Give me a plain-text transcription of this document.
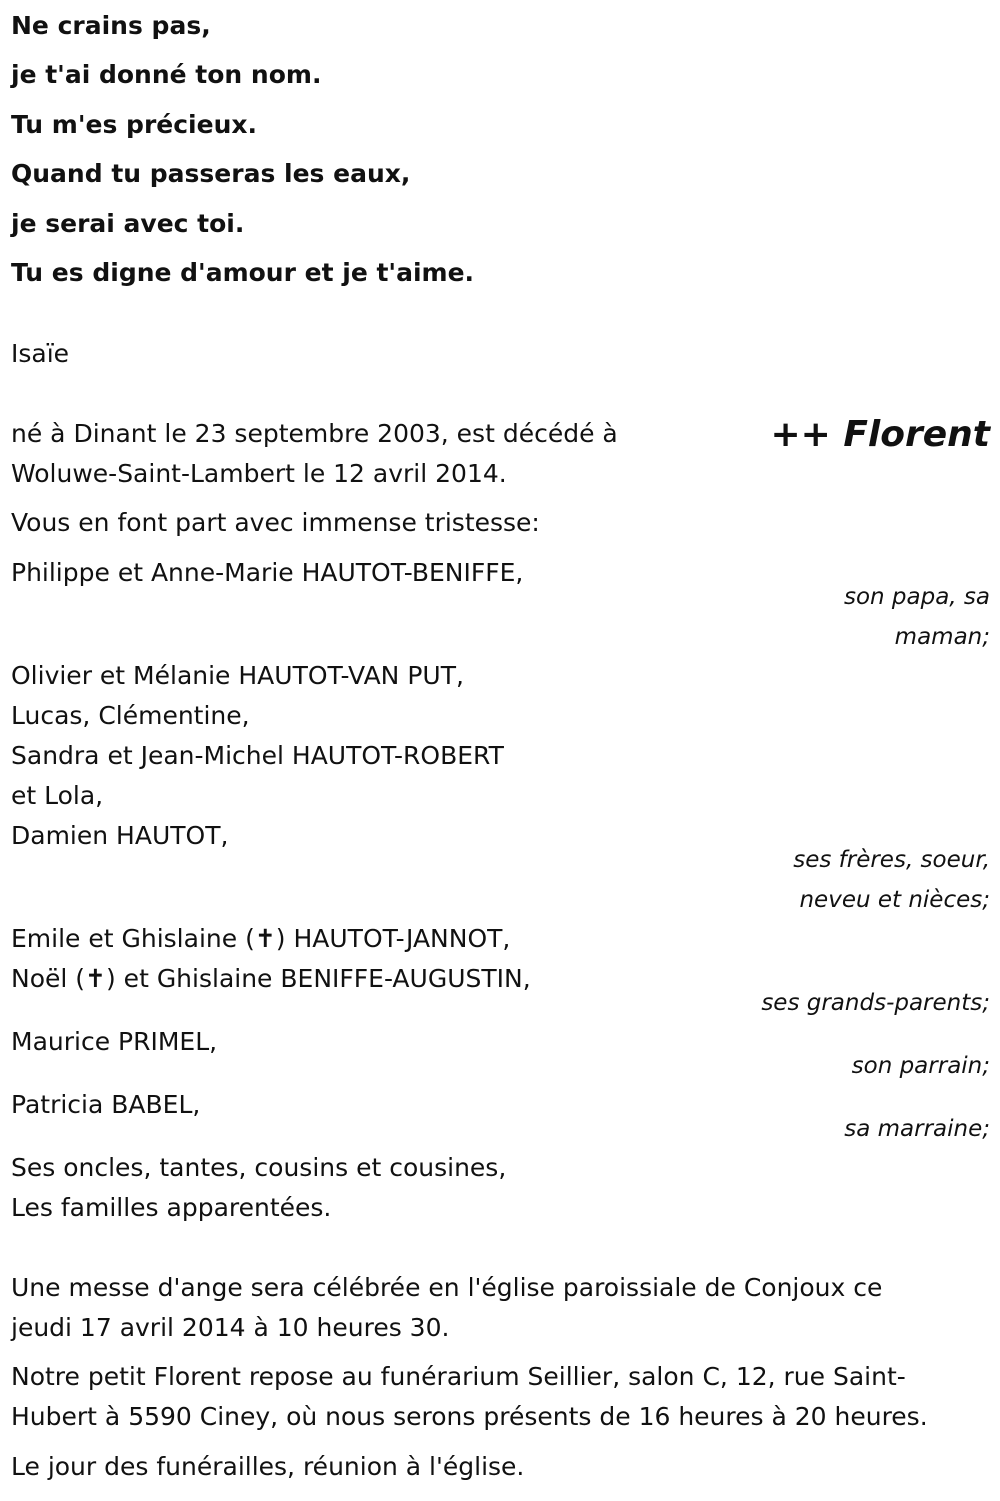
Ne crains pas,
je t'ai donné ton nom.
Tu m'es précieux.
Quand tu passeras les eaux,
je serai avec toi.
Tu es digne d'amour et je t'aime.
Isaïe
++ Florent
né à Dinant le 23 septembre 2003, est décédé à
Woluwe-Saint-Lambert le 12 avril 2014.
Vous en font part avec immense tristesse:
Philippe et Anne-Marie HAUTOT-BENIFFE,
son papa, sa
maman;
Olivier et Mélanie HAUTOT-VAN PUT,
Lucas, Clémentine,
Sandra et Jean-Michel HAUTOT-ROBERT
et Lola,
Damien HAUTOT,
ses frères, soeur,
neveu et nièces;
Emile et Ghislaine (✝) HAUTOT-JANNOT,
Noël (✝) et Ghislaine BENIFFE-AUGUSTIN,
ses grands-parents;
Maurice PRIMEL,
son parrain;
Patricia BABEL,
sa marraine;
Ses oncles, tantes, cousins et cousines,
Les familles apparentées.
Une messe d'ange sera célébrée en l'église paroissiale de Conjoux ce
jeudi 17 avril 2014 à 10 heures 30.
Notre petit Florent repose au funérarium Seillier, salon C, 12, rue Saint-
Hubert à 5590 Ciney, où nous serons présents de 16 heures à 20 heures.
Le jour des funérailles, réunion à l'église.
